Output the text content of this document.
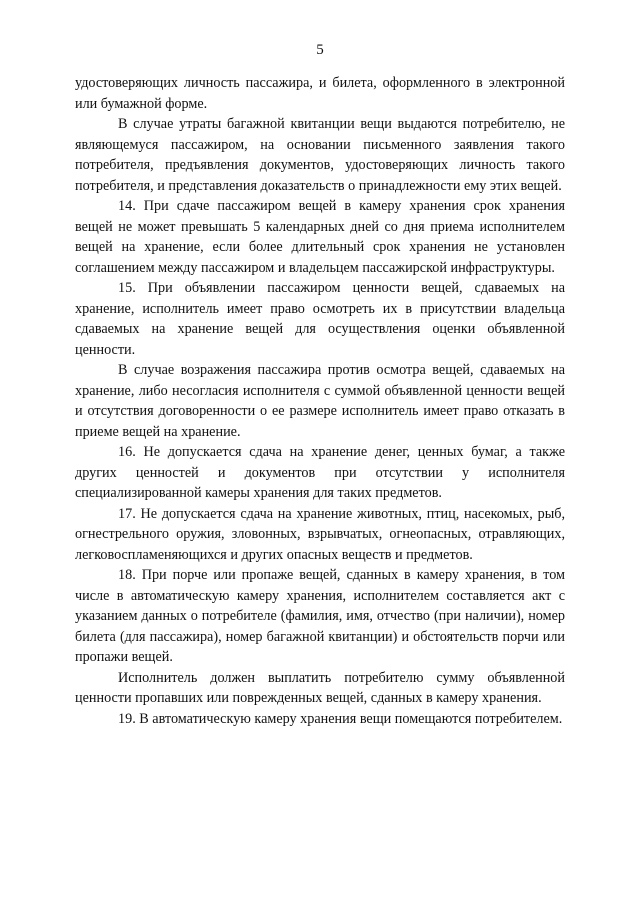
5

удостоверяющих личность пассажира, и билета, оформленного в электронной или бумажной форме.

В случае утраты багажной квитанции вещи выдаются потребителю, не являющемуся пассажиром, на основании письменного заявления такого потребителя, предъявления документов, удостоверяющих личность такого потребителя, и представления доказательств о принадлежности ему этих вещей.

14. При сдаче пассажиром вещей в камеру хранения срок хранения вещей не может превышать 5 календарных дней со дня приема исполнителем вещей на хранение, если более длительный срок хранения не установлен соглашением между пассажиром и владельцем пассажирской инфраструктуры.

15. При объявлении пассажиром ценности вещей, сдаваемых на хранение, исполнитель имеет право осмотреть их в присутствии владельца сдаваемых на хранение вещей для осуществления оценки объявленной ценности.

В случае возражения пассажира против осмотра вещей, сдаваемых на хранение, либо несогласия исполнителя с суммой объявленной ценности вещей и отсутствия договоренности о ее размере исполнитель имеет право отказать в приеме вещей на хранение.

16. Не допускается сдача на хранение денег, ценных бумаг, а также других ценностей и документов при отсутствии у исполнителя специализированной камеры хранения для таких предметов.

17. Не допускается сдача на хранение животных, птиц, насекомых, рыб, огнестрельного оружия, зловонных, взрывчатых, огнеопасных, отравляющих, легковоспламеняющихся и других опасных веществ и предметов.

18. При порче или пропаже вещей, сданных в камеру хранения, в том числе в автоматическую камеру хранения, исполнителем составляется акт с указанием данных о потребителе (фамилия, имя, отчество (при наличии), номер билета (для пассажира), номер багажной квитанции) и обстоятельств порчи или пропажи вещей.

Исполнитель должен выплатить потребителю сумму объявленной ценности пропавших или поврежденных вещей, сданных в камеру хранения.

19. В автоматическую камеру хранения вещи помещаются потребителем.
